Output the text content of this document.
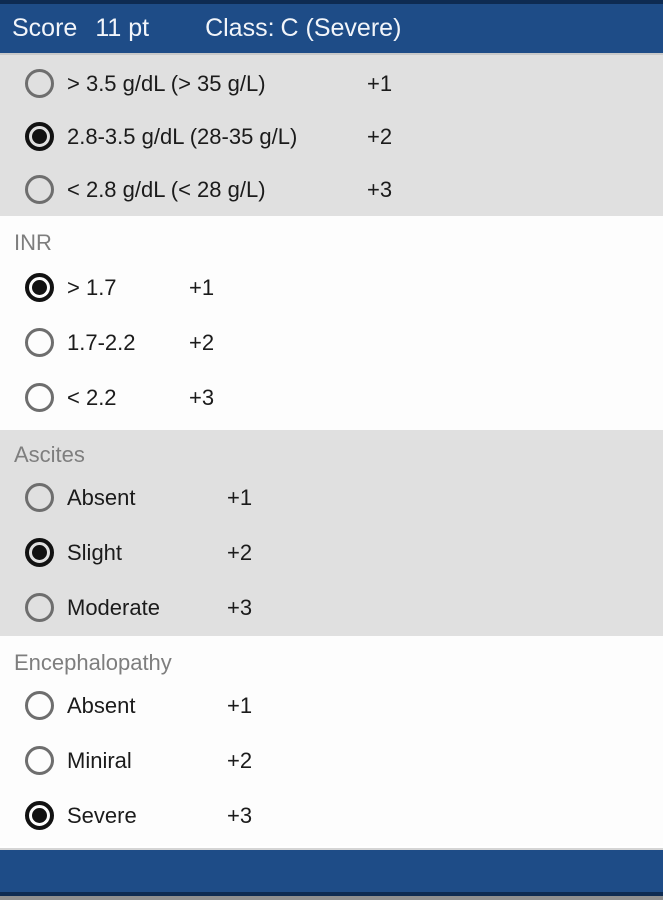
Score 11 pt Class: C (Severe)
> 3.5 g/dL (> 35 g/L)	+1
2.8-3.5 g/dL (28-35 g/L)	+2
< 2.8 g/dL (< 28 g/L)	+3
INR
> 1.7	+1
1.7-2.2	+2
< 2.2	+3
Ascites
Absent	+1
Slight	+2
Moderate	+3
Encephalopathy
Absent	+1
Miniral	+2
Severe	+3
